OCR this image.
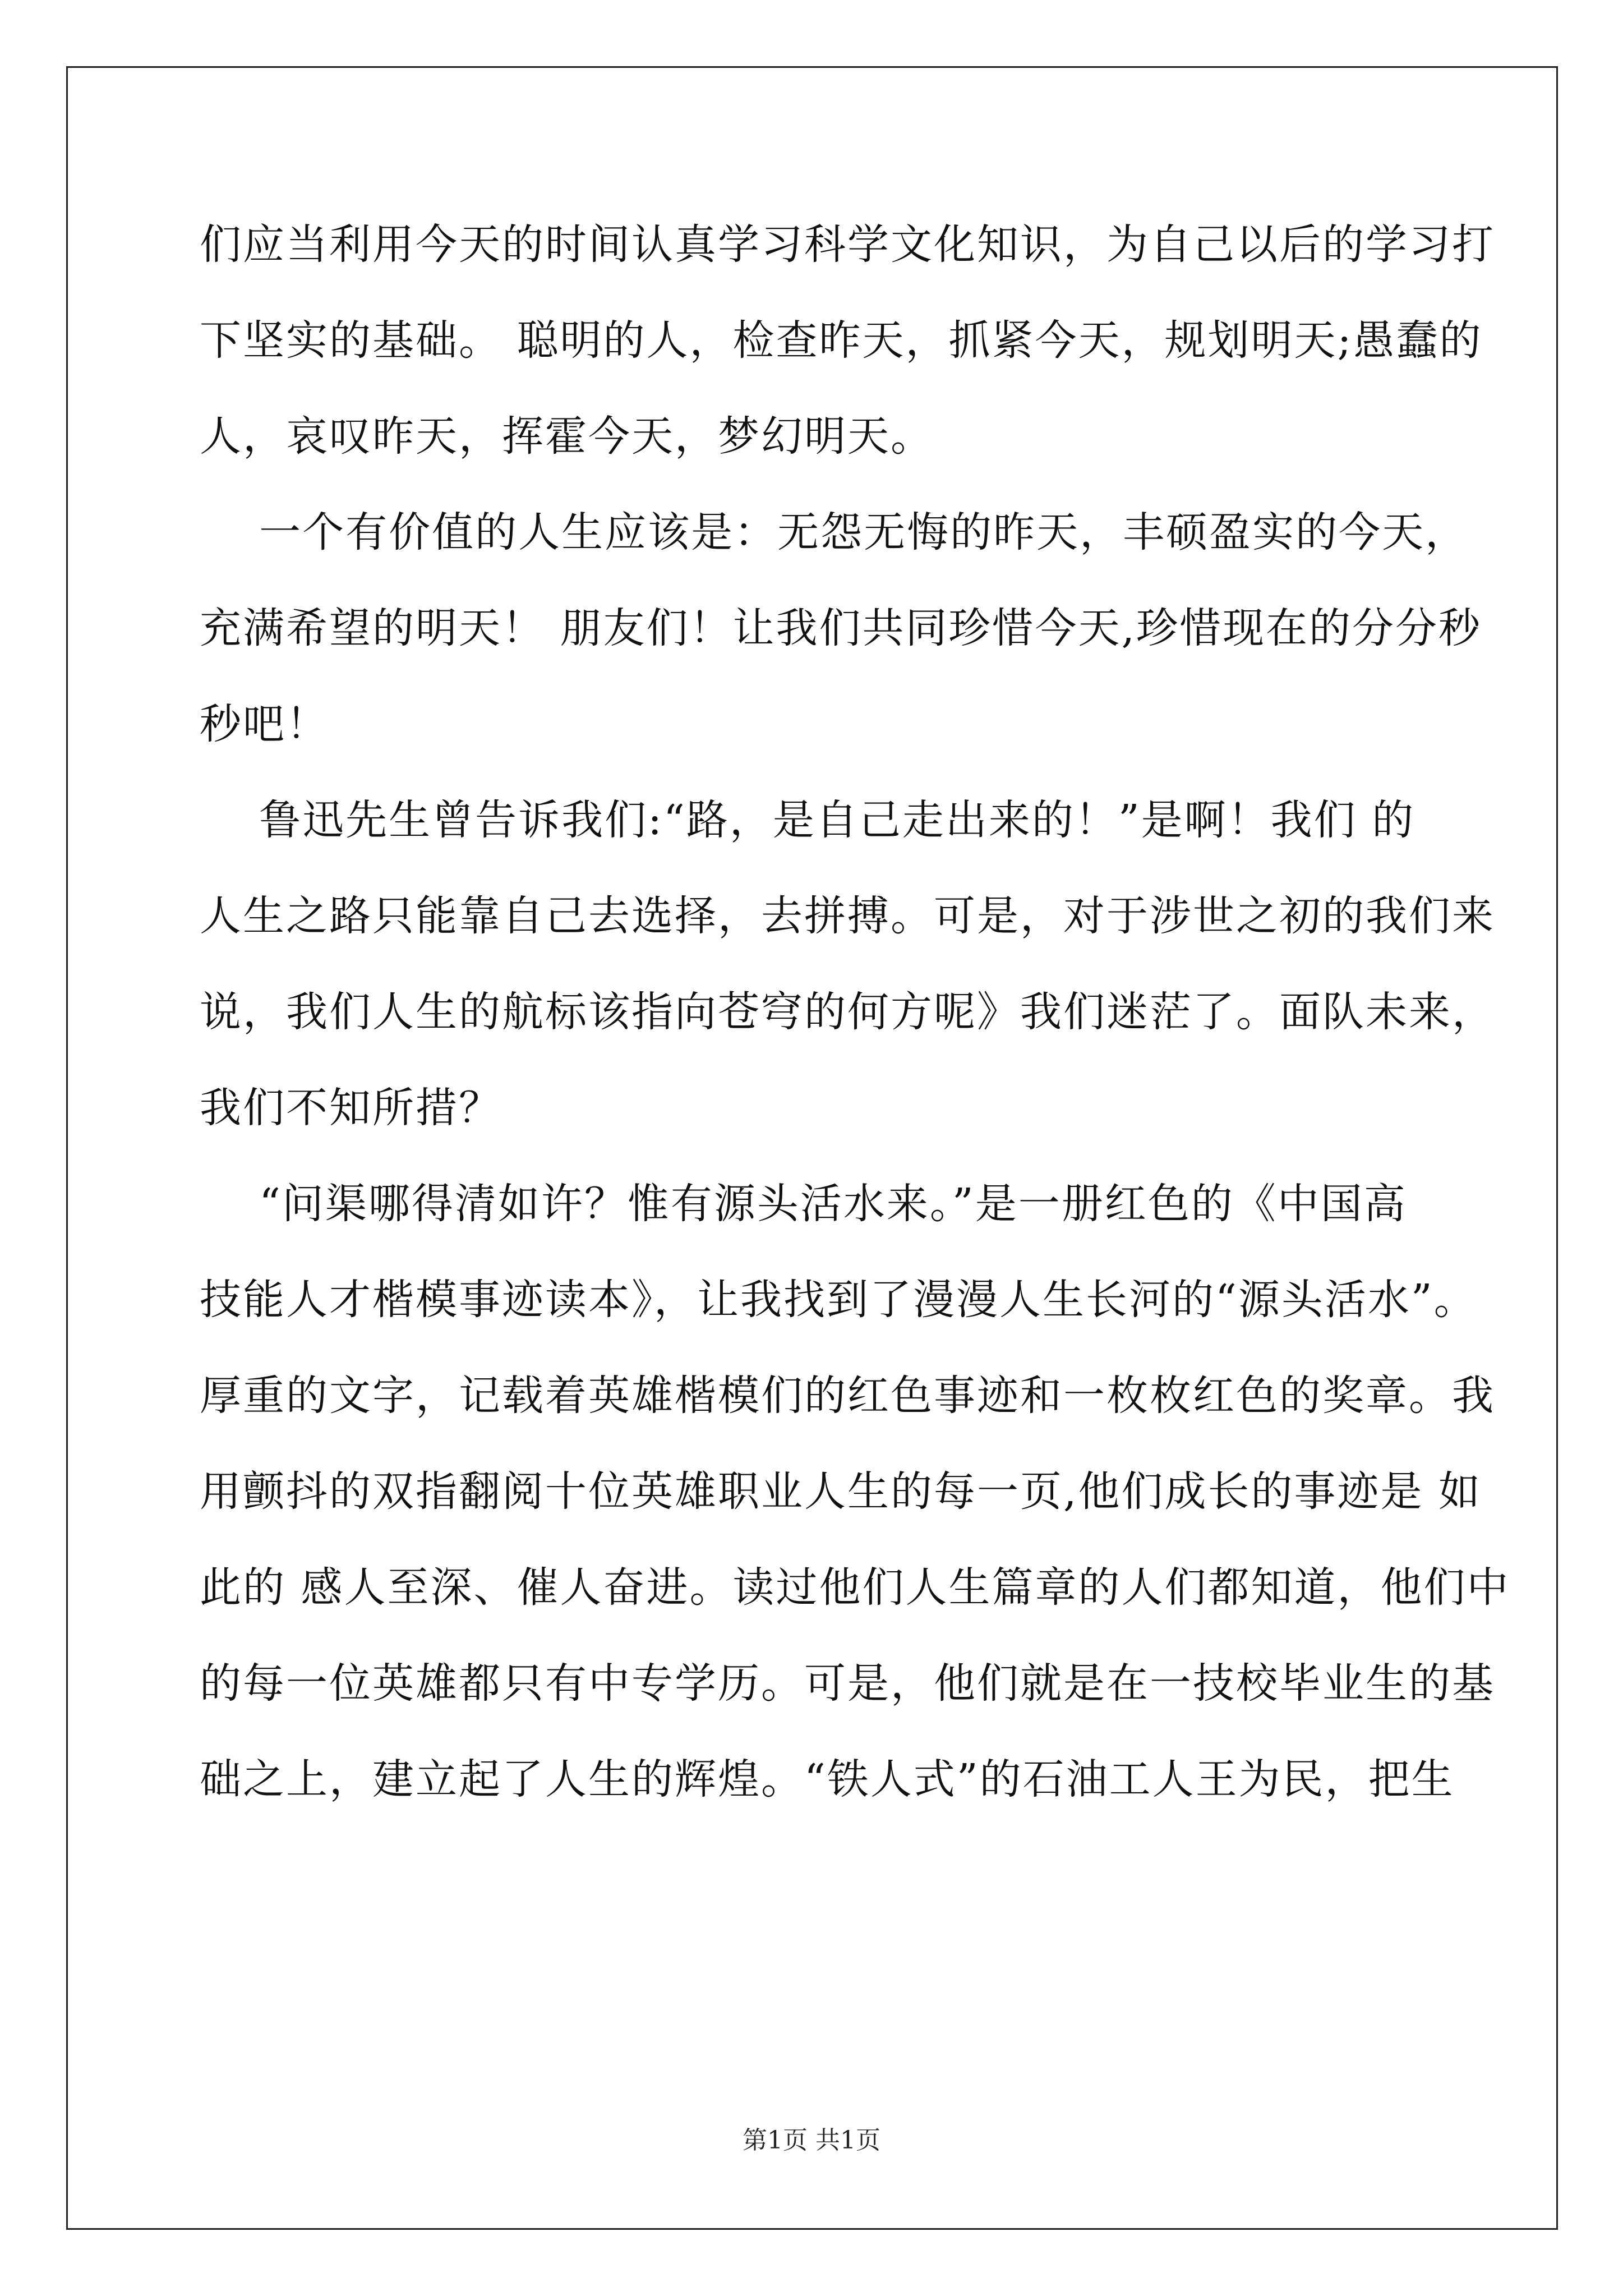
们应当利用今天的时间认真学习科学文化知识，为自己以后的学习打
下坚实的基础。 聪明的人，检查昨天，抓紧今天，规划明天;愚蠢的
人，哀叹昨天，挥霍今天，梦幻明天。
一个有价值的人生应该是：无怨无悔的昨天，丰硕盈实的今天，
充满希望的明天！ 朋友们！让我们共同珍惜今天,珍惜现在的分分秒
秒吧！
鲁迅先生曾告诉我们:“路，是自己走出来的！”是啊！我们 的
人生之路只能靠自己去选择，去拼搏。可是，对于涉世之初的我们来
说，我们人生的航标该指向苍穹的何方呢》我们迷茫了。面队未来，
我们不知所措？
“问渠哪得清如许？惟有源头活水来。”是一册红色的《中国高
技能人才楷模事迹读本》，让我找到了漫漫人生长河的“源头活水”。
厚重的文字，记载着英雄楷模们的红色事迹和一枚枚红色的奖章。我
用颤抖的双指翻阅十位英雄职业人生的每一页,他们成长的事迹是 如
此的 感人至深、催人奋进。读过他们人生篇章的人们都知道，他们中
的每一位英雄都只有中专学历。可是，他们就是在一技校毕业生的基
础之上，建立起了人生的辉煌。“铁人式”的石油工人王为民，把生
第1页 共1页
